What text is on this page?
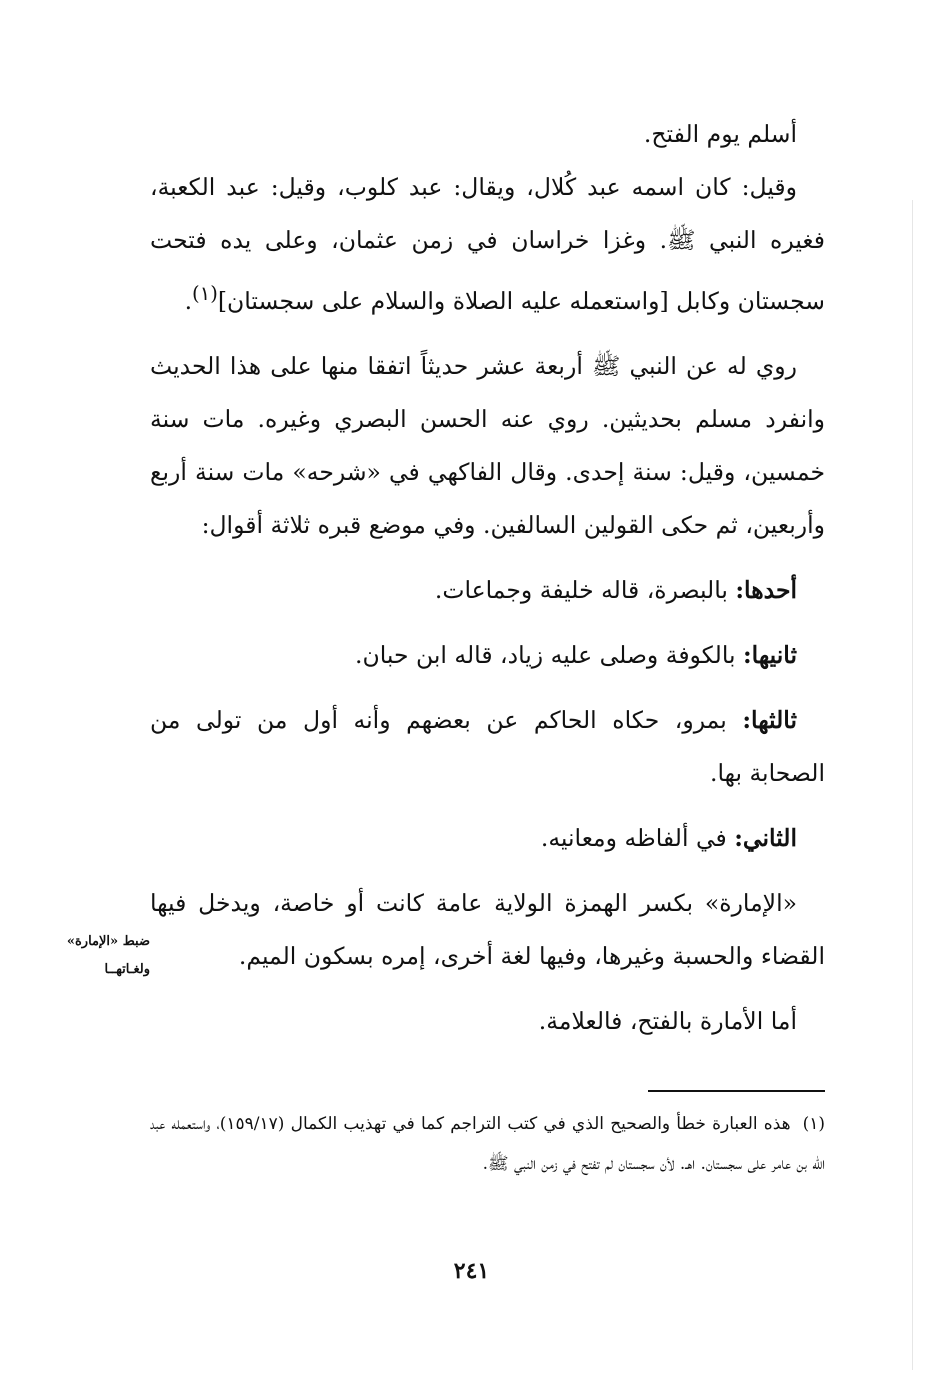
أسلم يوم الفتح.

وقيل: كان اسمه عبد كُلال، ويقال: عبد كلوب، وقيل: عبد الكعبة، فغيره النبي ﷺ. وغزا خراسان في زمن عثمان، وعلى يده فتحت سجستان وكابل [واستعمله عليه الصلاة والسلام على سجستان]$^{(١)}$.

روي له عن النبي ﷺ أربعة عشر حديثاً اتفقا منها على هذا الحديث وانفرد مسلم بحديثين. روي عنه الحسن البصري وغيره. مات سنة خمسين، وقيل: سنة إحدى. وقال الفاكهي في «شرحه» مات سنة أربع وأربعين، ثم حكى القولين السالفين. وفي موضع قبره ثلاثة أقوال:

أحدها: بالبصرة، قاله خليفة وجماعات.

ثانيها: بالكوفة وصلى عليه زياد، قاله ابن حبان.

ثالثها: بمرو، حكاه الحاكم عن بعضهم وأنه أول من تولى من الصحابة بها.

الثاني: في ألفاظه ومعانيه.

«الإمارة» بكسر الهمزة الولاية عامة كانت أو خاصة، ويدخل فيها القضاء والحسبة وغيرها، وفيها لغة أخرى، إمره بسكون الميم.

أما الأمارة بالفتح، فالعلامة.

ضبط «الإمارة»
ولغـاتهــا

(١)هذه العبارة خطأ والصحيح الذي في كتب التراجم كما في تهذيب الكمال (١٥٩/١٧)، واستعمله عبد الله بن عامر على سجستان. اهـ. لأن سجستان لم تفتح في زمن النبي ﷺ.

٢٤١
